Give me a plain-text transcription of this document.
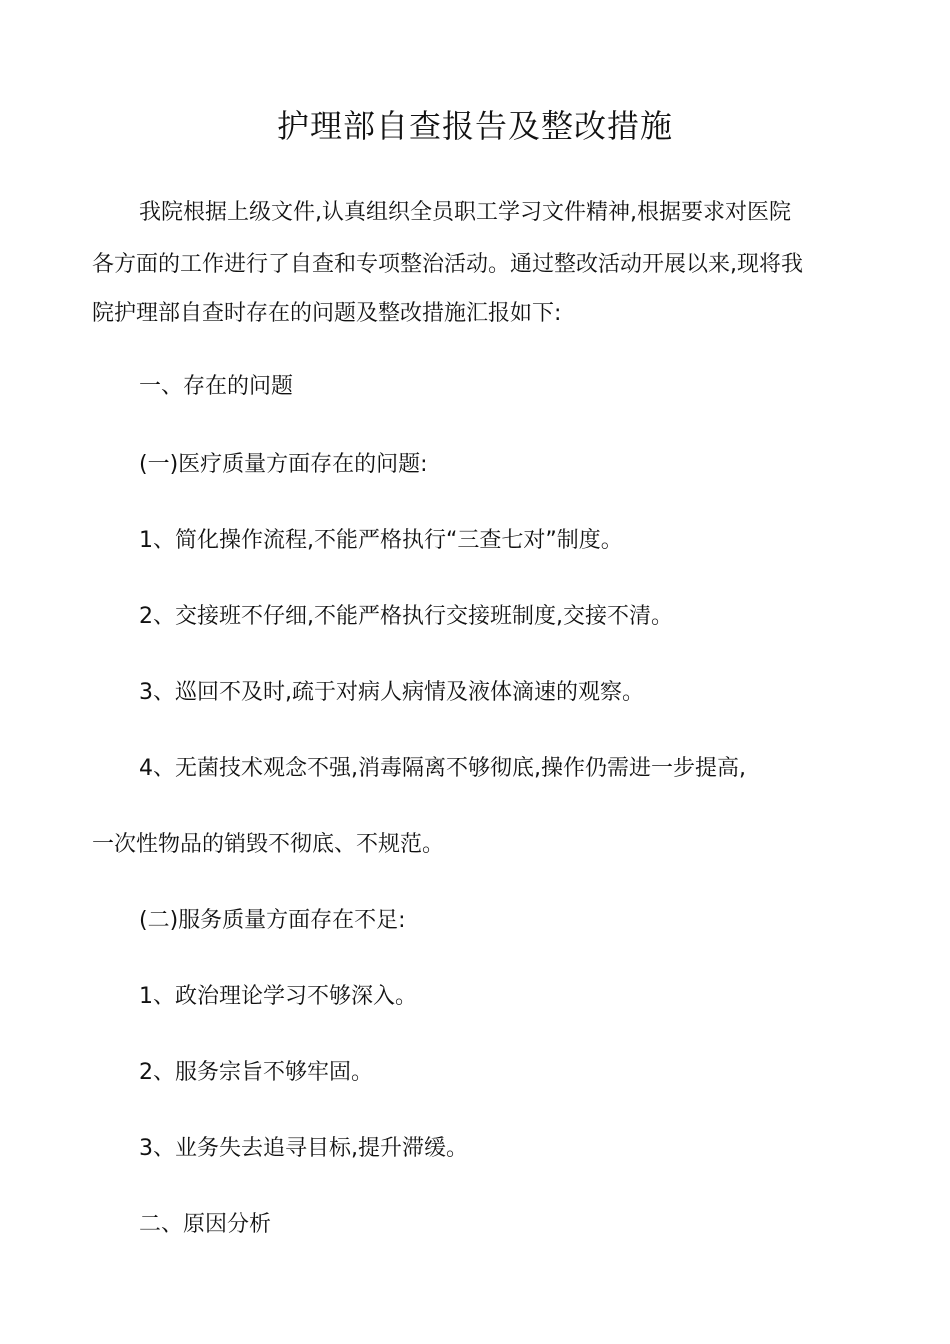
护理部自查报告及整改措施
我院根据上级文件,认真组织全员职工学习文件精神,根据要求对医院
各方面的工作进行了自查和专项整治活动。通过整改活动开展以来,现将我
院护理部自查时存在的问题及整改措施汇报如下:
一、存在的问题
(一)医疗质量方面存在的问题:
1、简化操作流程,不能严格执行“三查七对”制度。
2、交接班不仔细,不能严格执行交接班制度,交接不清。
3、巡回不及时,疏于对病人病情及液体滴速的观察。
4、无菌技术观念不强,消毒隔离不够彻底,操作仍需进一步提高,
一次性物品的销毁不彻底、不规范。
(二)服务质量方面存在不足:
1、政治理论学习不够深入。
2、服务宗旨不够牢固。
3、业务失去追寻目标,提升滞缓。
二、原因分析
